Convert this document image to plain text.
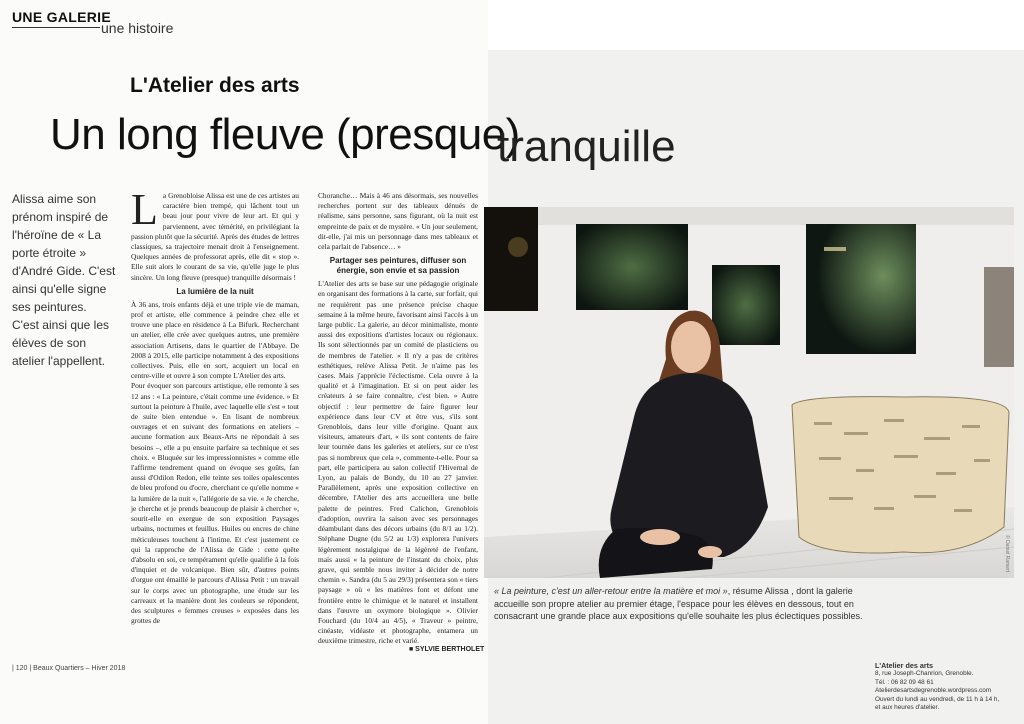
UNE GALERIE
une histoire
L'Atelier des arts
Un long fleuve (presque)
tranquille
Alissa aime son prénom inspiré de l'héroïne de « La porte étroite » d'André Gide. C'est ainsi qu'elle signe ses peintures. C'est ainsi que les élèves de son atelier l'appellent.

La Grenobloise Alissa est une de ces artistes au caractère bien trempé, qui lâchent tout un beau jour pour vivre de leur art. Et qui y parviennent, avec témérité, en privilégiant la passion plutôt que la sécurité. Après des études de lettres classiques, sa trajectoire menait droit à l'enseignement. Quelques années de professorat après, elle dit « stop ». Elle suit alors le courant de sa vie, qu'elle juge le plus sincère. Un long fleuve (presque) tranquille désormais !

La lumière de la nuit

À 36 ans, trois enfants déjà et une triple vie de maman, prof et artiste, elle commence à peindre chez elle et trouve une place en résidence à La Bifurk. Recherchant un atelier, elle crée avec quelques autres, une première association Artisens, dans le quartier de l'Abbaye. De 2008 à 2015, elle participe notamment à des expositions collectives. Puis, elle en sort, acquiert un local en centre-ville et ouvre à son compte L'Atelier des arts.

Pour évoquer son parcours artistique, elle remonte à ses 12 ans : « La peinture, c'était comme une évidence. » Et surtout la peinture à l'huile, avec laquelle elle s'est « tout de suite bien entendue ». En lisant de nombreux ouvrages et en suivant des formations en ateliers – aucune formation aux Beaux-Arts ne répondait à ses besoins –, elle a pu ensuite parfaire sa technique et ses choix. « Bluquée sur les impressionnistes » comme elle l'affirme tendrement quand on évoque ses goûts, fan aussi d'Odilon Redon, elle teinte ses toiles opalescentes de bleu profond ou d'ocre, cherchant ce qu'elle nomme « la lumière de la nuit », l'allégorie de sa vie. « Je cherche, je cherche et je prends beaucoup de plaisir à chercher », sourit-elle en exergue de son exposition Paysages urbains, nocturnes et feuillus. Huiles ou encres de chine méticuleuses touchent à l'intime. Et c'est justement ce qui la rapproche de l'Alissa de Gide : cette quête d'absolu en soi, ce tempérament qu'elle qualifie à la fois d'inquiet et de volcanique. Bien sûr, d'autres points d'orgue ont émaillé le parcours d'Alissa Petit : un travail sur le corps avec un photographe, une étude sur les carreaux et la manière dont les couleurs se répondent, des sculptures « femmes creuses » exposées dans les grottes de

Choranche… Mais à 46 ans désormais, ses nouvelles recherches portent sur des tableaux dénués de réalisme, sans personne, sans figurant, où la nuit est empreinte de paix et de mystère. « Un jour seulement, dit-elle, j'ai mis un personnage dans mes tableaux et cela parlait de l'absence… »

Partager ses peintures, diffuser son énergie, son envie et sa passion

L'Atelier des arts se base sur une pédagogie originale en organisant des formations à la carte, sur forfait, qui ne requièrent pas une présence précise chaque semaine à la même heure, favorisant ainsi l'accès à un large public. La galerie, au décor minimaliste, monte aussi des expositions d'artistes locaux ou régionaux. Ils sont sélectionnés par un comité de plasticiens ou de membres de l'atelier. « Il n'y a pas de critères esthétiques, relève Alissa Petit. Je n'aime pas les cases. Mais j'apprécie l'éclectisme. Cela ouvre à la qualité et à l'imagination. Et si on peut aider les créateurs à se faire connaître, c'est bien. » Autre objectif : leur permettre de faire figurer leur expérience dans leur CV et être vus, s'ils sont Grenoblois, dans leur ville d'origine. Quant aux visiteurs, amateurs d'art, « ils sont contents de faire leur tournée dans les galeries et ateliers, sur ce n'est pas si nombreux que cela », commente-t-elle. Pour sa part, elle participera au salon collectif l'Hivernal de Lyon, au palais de Bondy, du 10 au 27 janvier. Parallèlement, après une exposition collective en décembre, l'Atelier des arts accueillera une belle palette de peintres. Fred Calichon, Grenoblois d'adoption, ouvrira la saison avec ses personnages déambulant dans des décors urbains (du 8/1 au 1/2). Stéphane Dugne (du 5/2 au 1/3) explorera l'univers légèrement nostalgique de la légèreté de l'enfant, mais aussi « la peinture de l'instant du choix, plus grave, qui semble nous inviter à décider de notre chemin ». Sandra (du 5 au 29/3) présentera son « tiers paysage » où « les matières font et défont une frontière entre le chimique et le naturel et installent dans l'œuvre un oxymore biologique ». Olivier Fouchard (du 10/4 au 4/5), « Traveur » peintre, cinéaste, vidéaste et photographe, entamera un deuxième trimestre, riche et varié.

■ SYLVIE BERTHOLET
| 120 | Beaux Quartiers – Hiver 2018
© Daniel Ramert
« La peinture, c'est un aller-retour entre la matière et moi », résume Alissa , dont la galerie accueille son propre atelier au premier étage, l'espace pour les élèves en dessous, tout en consacrant une grande place aux expositions qu'elle souhaite les plus éclectiques possibles.
L'Atelier des arts
8, rue Joseph-Chanrion, Grenoble.
Tél. : 06 82 09 48 61
Atelierdesartsdegrenoble.wordpress.com
Ouvert du lundi au vendredi, de 11 h à 14 h,
et aux heures d'atelier.
